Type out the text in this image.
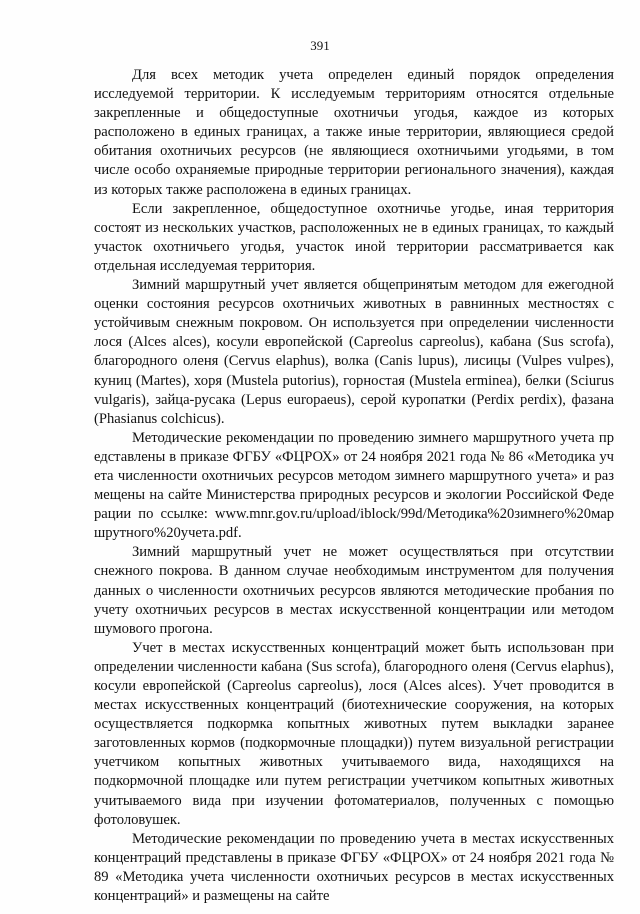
391

Для всех методик учета определен единый порядок определения исследуемой территории. К исследуемым территориям относятся отдельные закрепленные и общедоступные охотничьи угодья, каждое из которых расположено в единых границах, а также иные территории, являющиеся средой обитания охотничьих ресурсов (не являющиеся охотничьими угодьями, в том числе особо охраняемые природные территории регионального значения), каждая из которых также расположена в единых границах.

Если закрепленное, общедоступное охотничье угодье, иная территория состоят из нескольких участков, расположенных не в единых границах, то каждый участок охотничьего угодья, участок иной территории рассматривается как отдельная исследуемая территория.

Зимний маршрутный учет является общепринятым методом для ежегодной оценки состояния ресурсов охотничьих животных в равнинных местностях с устойчивым снежным покровом. Он используется при определении численности лося (Alces alces), косули европейской (Capreolus capreolus), кабана (Sus scrofa), благородного оленя (Cervus elaphus), волка (Canis lupus), лисицы (Vulpes vulpes), куниц (Martes), хоря (Mustela putorius), горностая (Mustela erminea), белки (Sciurus vulgaris), зайца-русака (Lepus europaeus), серой куропатки (Perdix perdix), фазана (Phasianus colchicus).

Методические рекомендации по проведению зимнего маршрутного учета представлены в приказе ФГБУ «ФЦРОХ» от 24 ноября 2021 года № 86 «Методика учета численности охотничьих ресурсов методом зимнего маршрутного учета» и размещены на сайте Министерства природных ресурсов и экологии Российской Федерации по ссылке: www.mnr.gov.ru/upload/iblock/99d/Методика%20зимнего%20маршрутного%20учета.pdf.

Зимний маршрутный учет не может осуществляться при отсутствии снежного покрова. В данном случае необходимым инструментом для получения данных о численности охотничьих ресурсов являются методические пробания по учету охотничьих ресурсов в местах искусственной концентрации или методом шумового прогона.

Учет в местах искусственных концентраций может быть использован при определении численности кабана (Sus scrofa), благородного оленя (Cervus elaphus), косули европейской (Capreolus capreolus), лося (Alces alces). Учет проводится в местах искусственных концентраций (биотехнические сооружения, на которых осуществляется подкормка копытных животных путем выкладки заранее заготовленных кормов (подкормочные площадки)) путем визуальной регистрации учетчиком копытных животных учитываемого вида, находящихся на подкормочной площадке или путем регистрации учетчиком копытных животных учитываемого вида при изучении фотоматериалов, полученных с помощью фотоловушек.

Методические рекомендации по проведению учета в местах искусственных концентраций представлены в приказе ФГБУ «ФЦРОХ» от 24 ноября 2021 года № 89 «Методика учета численности охотничьих ресурсов в местах искусственных концентраций» и размещены на сайте
